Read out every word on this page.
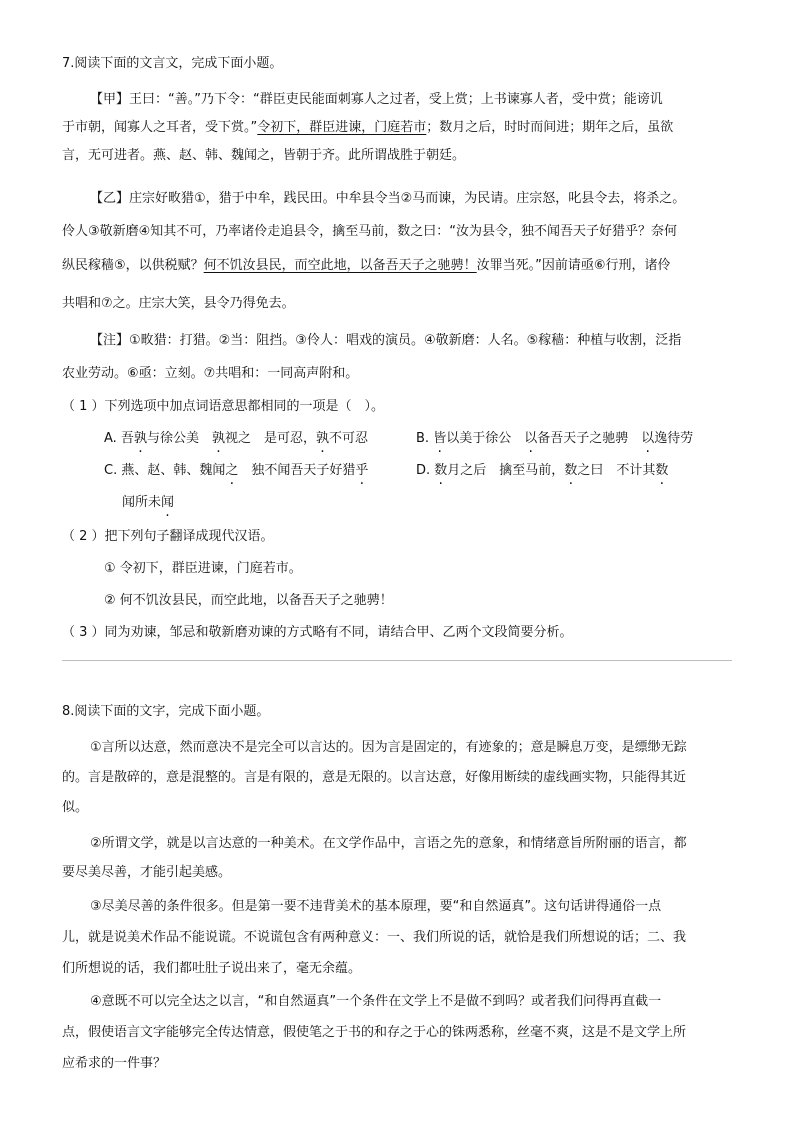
7.阅读下面的文言文，完成下面小题。
【甲】王曰：“善。”乃下令：“群臣吏民能面刺寡人之过者，受上赏；上书谏寡人者，受中赏；能谤讥
于市朝，闻寡人之耳者，受下赏。”令初下，群臣进谏，门庭若市；数月之后，时时而间进；期年之后，虽欲
言，无可进者。燕、赵、韩、魏闻之，皆朝于齐。此所谓战胜于朝廷。
【乙】庄宗好畋猎①，猎于中牟，践民田。中牟县令当②马而谏，为民请。庄宗怒，叱县令去，将杀之。
伶人③敬新磨④知其不可，乃率诸伶走追县令，擒至马前，数之曰：“汝为县令，独不闻吾天子好猎乎？奈何
纵民稼穑⑤，以供税赋？何不饥汝县民，而空此地，以备吾天子之驰骋！汝罪当死。”因前请亟⑥行刑，诸伶
共唱和⑦之。庄宗大笑，县令乃得免去。
【注】①畋猎：打猎。②当：阻挡。③伶人：唱戏的演员。④敬新磨：人名。⑤稼穑：种植与收割，泛指
农业劳动。⑥亟：立刻。⑦共唱和：一同高声附和。
（ 1 ）下列选项中加点词语意思都相同的一项是（　）。
A. 吾孰与徐公美　孰视之　是可忍，孰不可忍	B. 皆以美于徐公　以备吾天子之驰骋　以逸待劳
C. 燕、赵、韩、魏闻之　独不闻吾天子好猎乎	D. 数月之后　擒至马前，数之曰　不计其数
闻所未闻
（ 2 ）把下列句子翻译成现代汉语。
① 令初下，群臣进谏，门庭若市。
② 何不饥汝县民，而空此地，以备吾天子之驰骋！
（ 3 ）同为劝谏，邹忌和敬新磨劝谏的方式略有不同，请结合甲、乙两个文段简要分析。
8.阅读下面的文字，完成下面小题。
①言所以达意，然而意决不是完全可以言达的。因为言是固定的，有迹象的；意是瞬息万变，是缥缈无踪
的。言是散碎的，意是混整的。言是有限的，意是无限的。以言达意，好像用断续的虚线画实物，只能得其近
似。
②所谓文学，就是以言达意的一种美术。在文学作品中，言语之先的意象，和情绪意旨所附丽的语言，都
要尽美尽善，才能引起美感。
③尽美尽善的条件很多。但是第一要不违背美术的基本原理，要“和自然逼真”。这句话讲得通俗一点
儿，就是说美术作品不能说谎。不说谎包含有两种意义：一、我们所说的话，就恰是我们所想说的话；二、我
们所想说的话，我们都吐肚子说出来了，毫无余蕴。
④意既不可以完全达之以言，“和自然逼真”一个条件在文学上不是做不到吗？或者我们问得再直截一
点，假使语言文字能够完全传达情意，假使笔之于书的和存之于心的铢两悉称，丝毫不爽，这是不是文学上所
应希求的一件事？
